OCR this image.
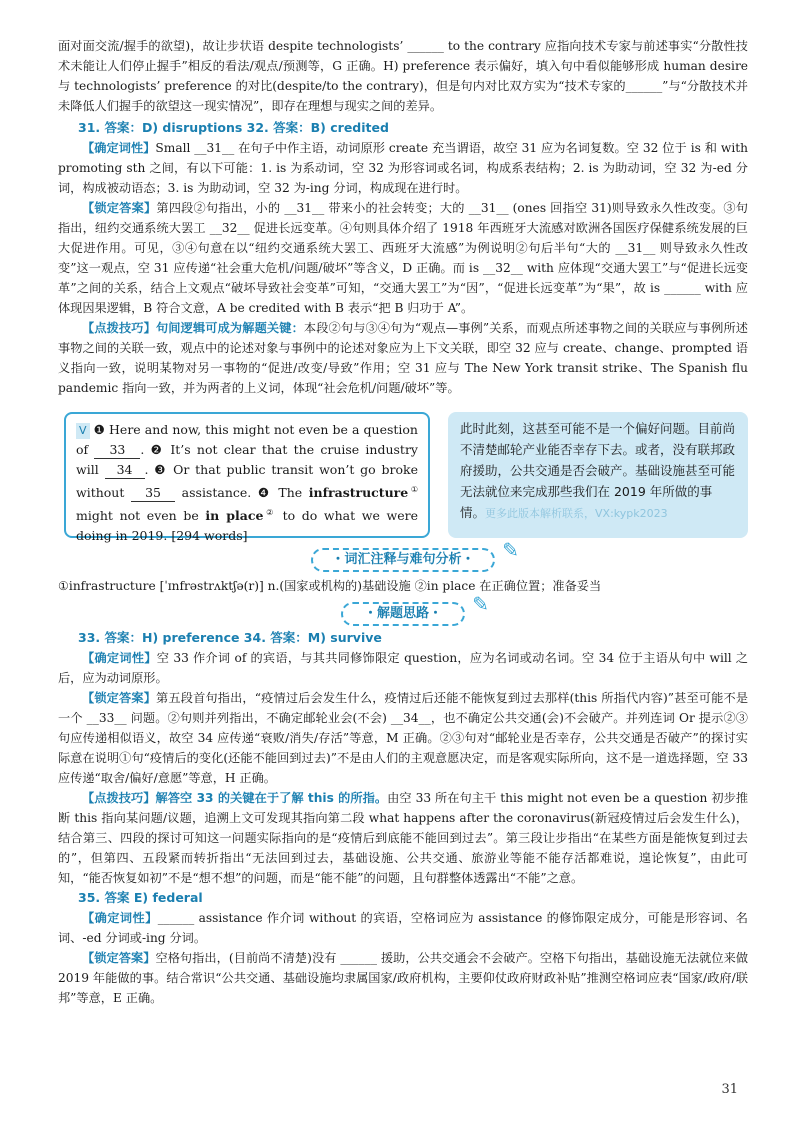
面对面交流/握手的欲望)，故让步状语 despite technologists’ ______ to the contrary 应指向技术专家与前述事实“分散性技术未能让人们停止握手”相反的看法/观点/预测等，G 正确。H) preference 表示偏好，填入句中看似能够形成 human desire 与 technologists’ preference 的对比(despite/to the contrary)，但是句内对比双方实为“技术专家的______”与“分散技术并未降低人们握手的欲望这一现实情况”，即存在理想与现实之间的差异。

31. 答案：D) disruptions 32. 答案：B) credited

【确定词性】Small __31__ 在句子中作主语，动词原形 create 充当谓语，故空 31 应为名词复数。空 32 位于 is 和 with promoting sth 之间，有以下可能：1. is 为系动词，空 32 为形容词或名词，构成系表结构；2. is 为助动词，空 32 为-ed 分词，构成被动语态；3. is 为助动词，空 32 为-ing 分词，构成现在进行时。

【锁定答案】第四段②句指出，小的 __31__ 带来小的社会转变；大的 __31__ (ones 回指空 31)则导致永久性改变。③句指出，纽约交通系统大罢工 __32__ 促进长远变革。④句则具体介绍了 1918 年西班牙大流感对欧洲各国医疗保健系统发展的巨大促进作用。可见，③④句意在以“纽约交通系统大罢工、西班牙大流感”为例说明②句后半句“大的 __31__ 则导致永久性改变”这一观点，空 31 应传递“社会重大危机/问题/破坏”等含义，D 正确。而 is __32__ with 应体现“交通大罢工”与“促进长远变革”之间的关系，结合上文观点“破坏导致社会变革”可知，“交通大罢工”为“因”，“促进长远变革”为“果”，故 is ______ with 应体现因果逻辑，B 符合文意，A be credited with B 表示“把 B 归功于 A”。

【点拨技巧】句间逻辑可成为解题关键：本段②句与③④句为“观点—事例”关系，而观点所述事物之间的关联应与事例所述事物之间的关联一致，观点中的论述对象与事例中的论述对象应为上下文关联，即空 32 应与 create、change、prompted 语义指向一致，说明某物对另一事物的“促进/改变/导致”作用；空 31 应与 The New York transit strike、The Spanish flu pandemic 指向一致，并为两者的上义词，体现“社会危机/问题/破坏”等。

V ❶ Here and now, this might not even be a question of 33 . ❷ It’s not clear that the cruise industry will 34 . ❸ Or that public transit won’t go broke without 35 assistance. ❹ The infrastructure① might not even be in place② to do what we were doing in 2019. [294 words]
此时此刻，这甚至可能不是一个偏好问题。目前尚不清楚邮轮产业能否幸存下去。或者，没有联邦政府援助，公共交通是否会破产。基础设施甚至可能无法就位来完成那些我们在 2019 年所做的事情。更多此版本解析联系，VX:kypk2023
・词汇注释与难句分析・ ✎

①infrastructure [ˈɪnfrəstrʌktʃə(r)] n.(国家或机构的)基础设施 ②in place 在正确位置；准备妥当

・解题思路・ ✎

33. 答案：H) preference 34. 答案：M) survive

【确定词性】空 33 作介词 of 的宾语，与其共同修饰限定 question，应为名词或动名词。空 34 位于主语从句中 will 之后，应为动词原形。

【锁定答案】第五段首句指出，“疫情过后会发生什么，疫情过后还能不能恢复到过去那样(this 所指代内容)”甚至可能不是一个 __33__ 问题。②句则并列指出，不确定邮轮业会(不会) __34__，也不确定公共交通(会)不会破产。并列连词 Or 提示②③句应传递相似语义，故空 34 应传递“衰败/消失/存活”等意，M 正确。②③句对“邮轮业是否幸存，公共交通是否破产”的探讨实际意在说明①句“疫情后的变化(还能不能回到过去)”不是由人们的主观意愿决定，而是客观实际所向，这不是一道选择题，空 33 应传递“取舍/偏好/意愿”等意，H 正确。

【点拨技巧】解答空 33 的关键在于了解 this 的所指。由空 33 所在句主干 this might not even be a question 初步推断 this 指向某问题/议题，追溯上文可发现其指向第二段 what happens after the coronavirus(新冠疫情过后会发生什么)，结合第三、四段的探讨可知这一问题实际指向的是“疫情后到底能不能回到过去”。第三段让步指出“在某些方面是能恢复到过去的”，但第四、五段紧而转折指出“无法回到过去，基础设施、公共交通、旅游业等能不能存活都难说，遑论恢复”，由此可知，“能否恢复如初”不是“想不想”的问题，而是“能不能”的问题，且句群整体透露出“不能”之意。

35. 答案 E) federal

【确定词性】______ assistance 作介词 without 的宾语，空格词应为 assistance 的修饰限定成分，可能是形容词、名词、-ed 分词或-ing 分词。

【锁定答案】空格句指出，(目前尚不清楚)没有 ______ 援助，公共交通会不会破产。空格下句指出，基础设施无法就位来做 2019 年能做的事。结合常识“公共交通、基础设施均隶属国家/政府机构，主要仰仗政府财政补贴”推测空格词应表“国家/政府/联邦”等意，E 正确。

31
